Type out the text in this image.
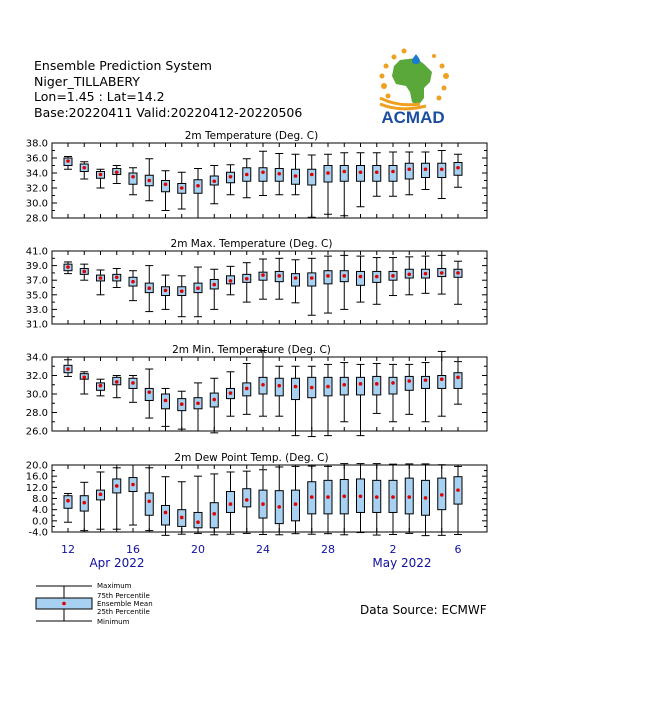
Ensemble Prediction System
Niger_TILLABERY
Lon=1.45 : Lat=14.2
Base:20220411 Valid:20220412-20220506	ACMAD
38.0
36.0
34.0
32.0
30.0
28.0
2m Temperature (Deg. C)
41.0
39.0
37.0
35.0
33.0
31.0
2m Max. Temperature (Deg. C)
34.0
32.0
30.0
28.0
26.0
2m Min. Temperature (Deg. C)
20.0
16.0
12.0
8.0
4.0
0.0
-4.0
2m Dew Point Temp. (Deg. C)
12	16	20	24	28	2	6
Apr 2022	May 2022
Maximum
75th Percentile
Ensemble Mean
25th Percentile
Minimum
Data Source: ECMWF
